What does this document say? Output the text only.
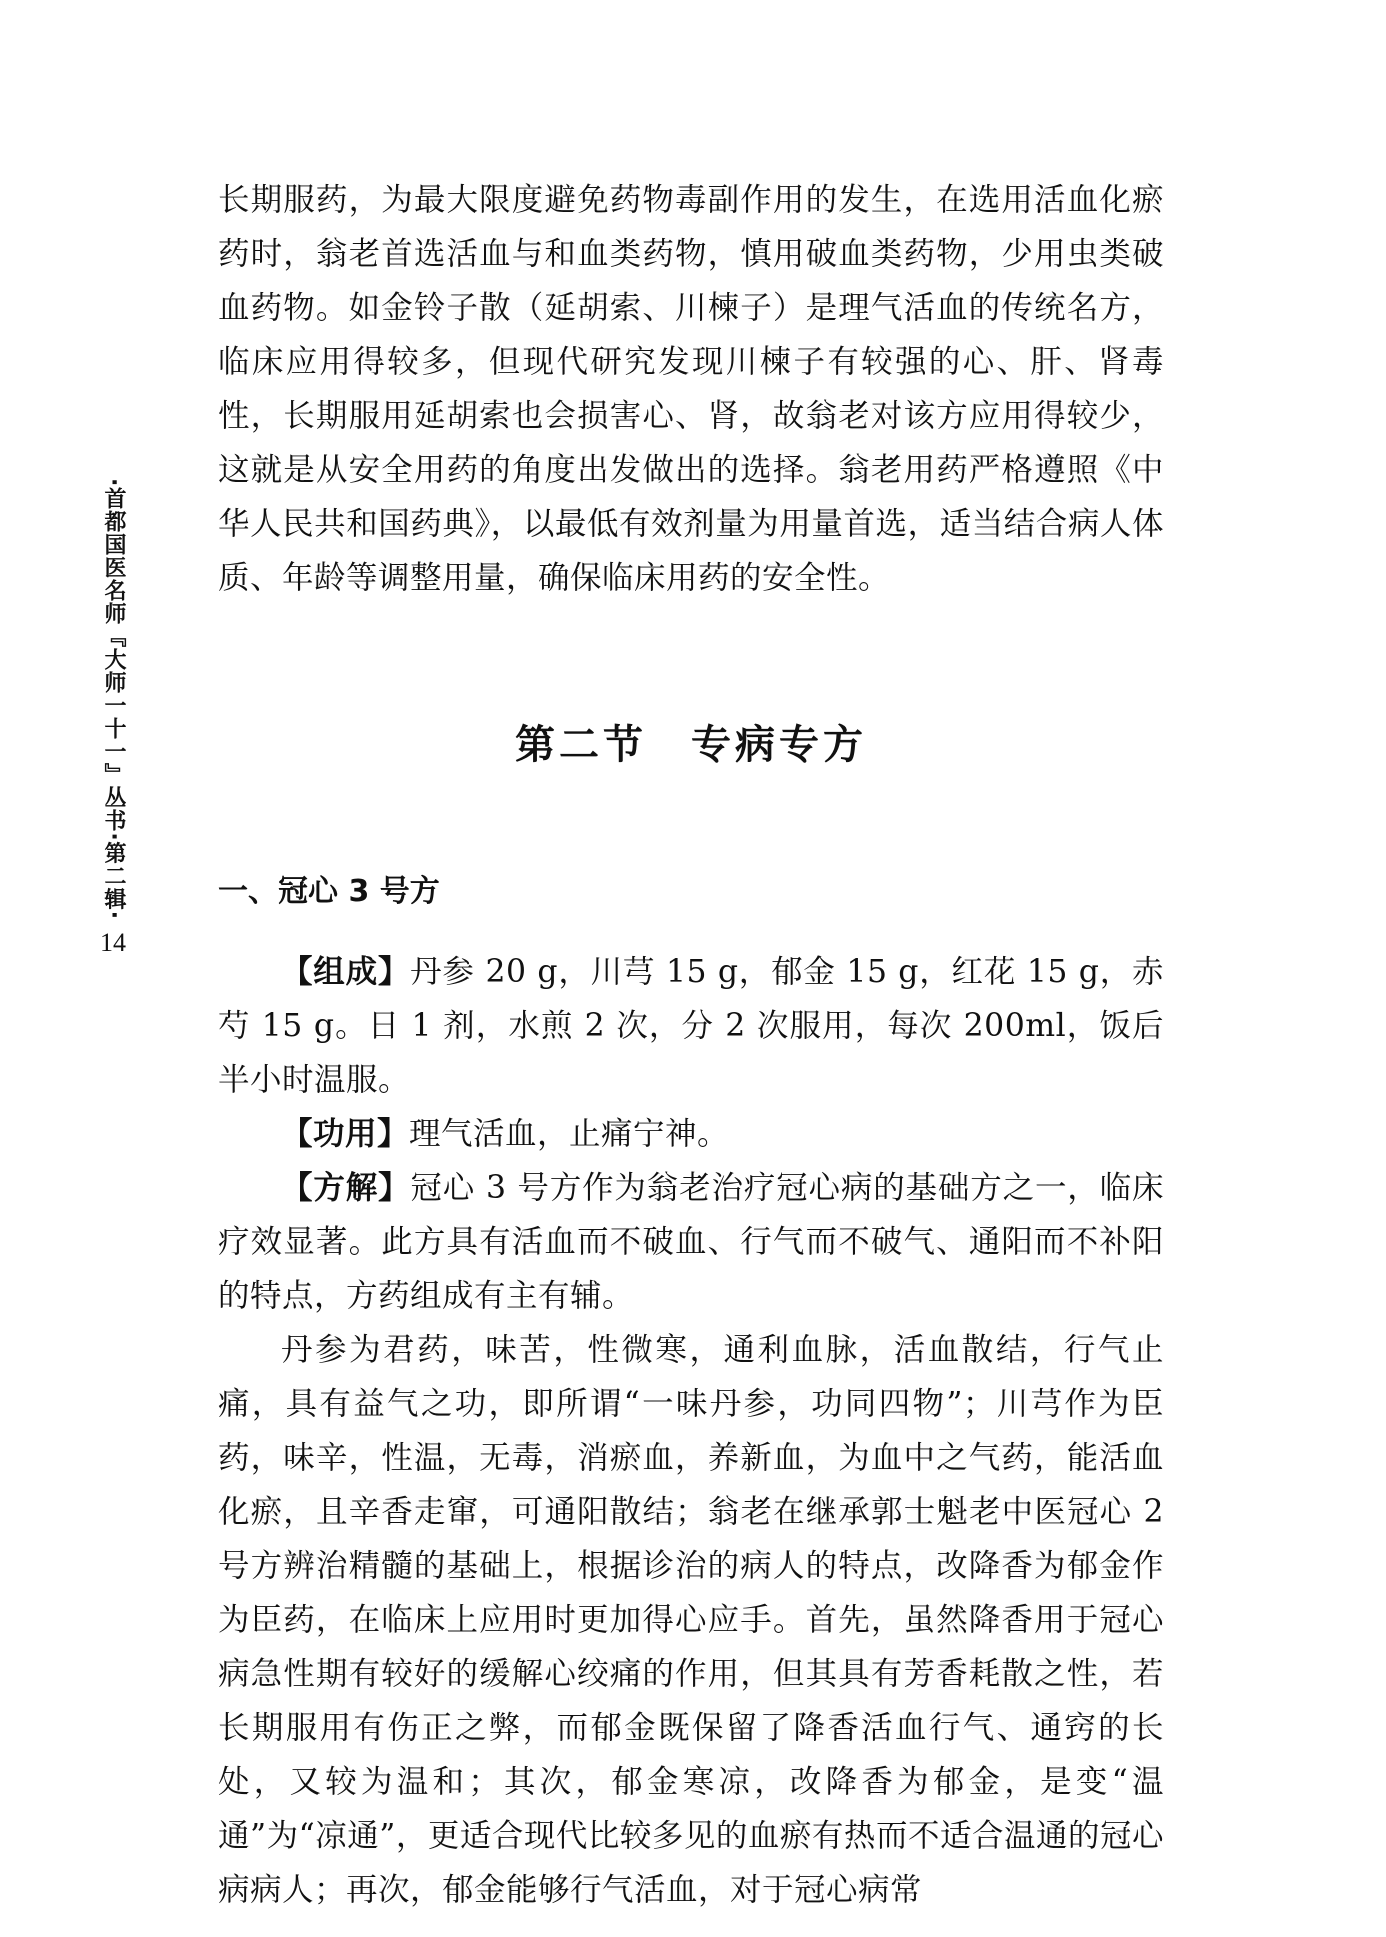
·首都国医名师『大师一十一』丛书·第二辑·
14

长期服药，为最大限度避免药物毒副作用的发生，在选用活血化瘀药时，翁老首选活血与和血类药物，慎用破血类药物，少用虫类破血药物。如金铃子散（延胡索、川楝子）是理气活血的传统名方，临床应用得较多，但现代研究发现川楝子有较强的心、肝、肾毒性，长期服用延胡索也会损害心、肾，故翁老对该方应用得较少，这就是从安全用药的角度出发做出的选择。翁老用药严格遵照《中华人民共和国药典》，以最低有效剂量为用量首选，适当结合病人体质、年龄等调整用量，确保临床用药的安全性。

第二节　专病专方
一、冠心 3 号方

【组成】丹参 20 g，川芎 15 g，郁金 15 g，红花 15 g，赤芍 15 g。日 1 剂，水煎 2 次，分 2 次服用，每次 200ml，饭后半小时温服。

【功用】理气活血，止痛宁神。

【方解】冠心 3 号方作为翁老治疗冠心病的基础方之一，临床疗效显著。此方具有活血而不破血、行气而不破气、通阳而不补阳的特点，方药组成有主有辅。

丹参为君药，味苦，性微寒，通利血脉，活血散结，行气止痛，具有益气之功，即所谓“一味丹参，功同四物”；川芎作为臣药，味辛，性温，无毒，消瘀血，养新血，为血中之气药，能活血化瘀，且辛香走窜，可通阳散结；翁老在继承郭士魁老中医冠心 2 号方辨治精髓的基础上，根据诊治的病人的特点，改降香为郁金作为臣药，在临床上应用时更加得心应手。首先，虽然降香用于冠心病急性期有较好的缓解心绞痛的作用，但其具有芳香耗散之性，若长期服用有伤正之弊，而郁金既保留了降香活血行气、通窍的长处，又较为温和；其次，郁金寒凉，改降香为郁金，是变“温通”为“凉通”，更适合现代比较多见的血瘀有热而不适合温通的冠心病病人；再次，郁金能够行气活血，对于冠心病常
